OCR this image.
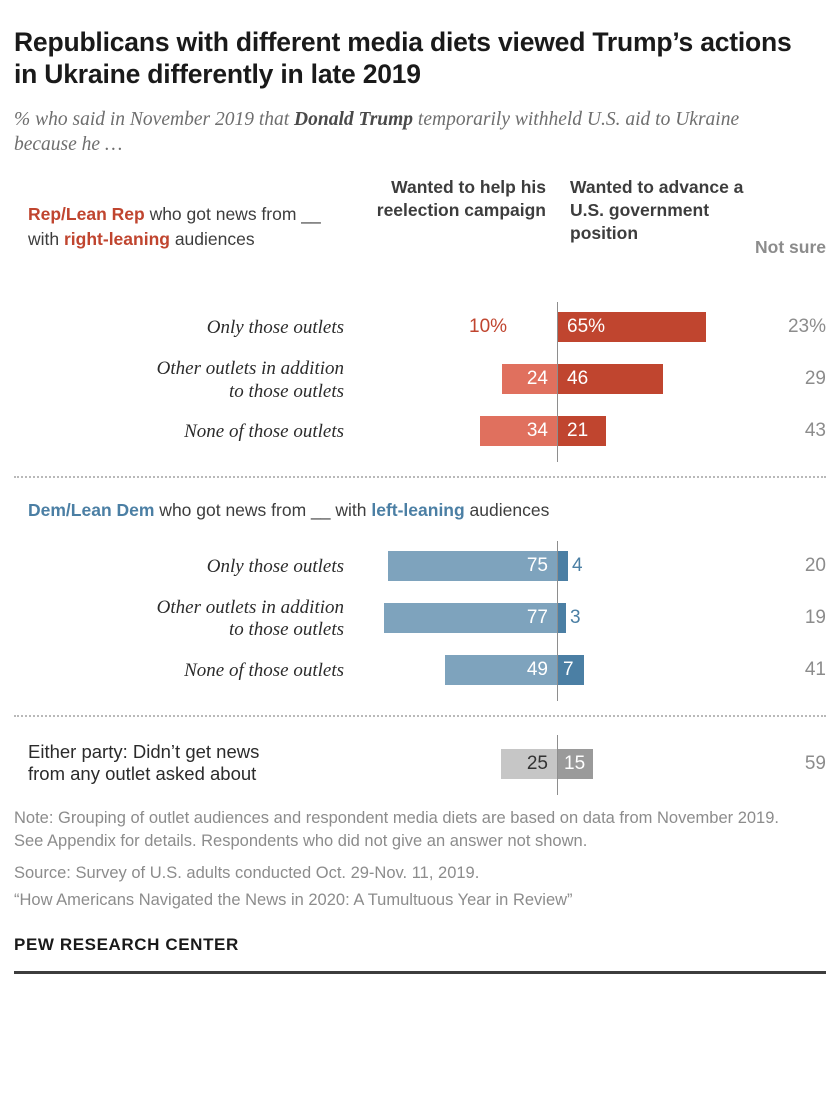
Republicans with different media diets viewed Trump’s actions in Ukraine differently in late 2019
% who said in November 2019 that Donald Trump temporarily withheld U.S. aid to Ukraine because he …
Wanted to help his reelection campaign
Wanted to advance a U.S. government position
Not sure
Rep/Lean Rep who got news from __ with right-leaning audiences
Only those outlets	10%	65%	23%
Other outlets in addition
to those outlets
24 46	29
None of those outlets	34 21	43
Dem/Lean Dem who got news from __ with left-leaning audiences
Only those outlets	75 4	20
Other outlets in addition
to those outlets
77 3	19
None of those outlets	49 7	41
Either party: Didn’t get news
from any outlet asked about	25 15	59

Note: Grouping of outlet audiences and respondent media diets are based on data from November 2019. See Appendix for details. Respondents who did not give an answer not shown.

Source: Survey of U.S. adults conducted Oct. 29-Nov. 11, 2019.

“How Americans Navigated the News in 2020: A Tumultuous Year in Review”

PEW RESEARCH CENTER
